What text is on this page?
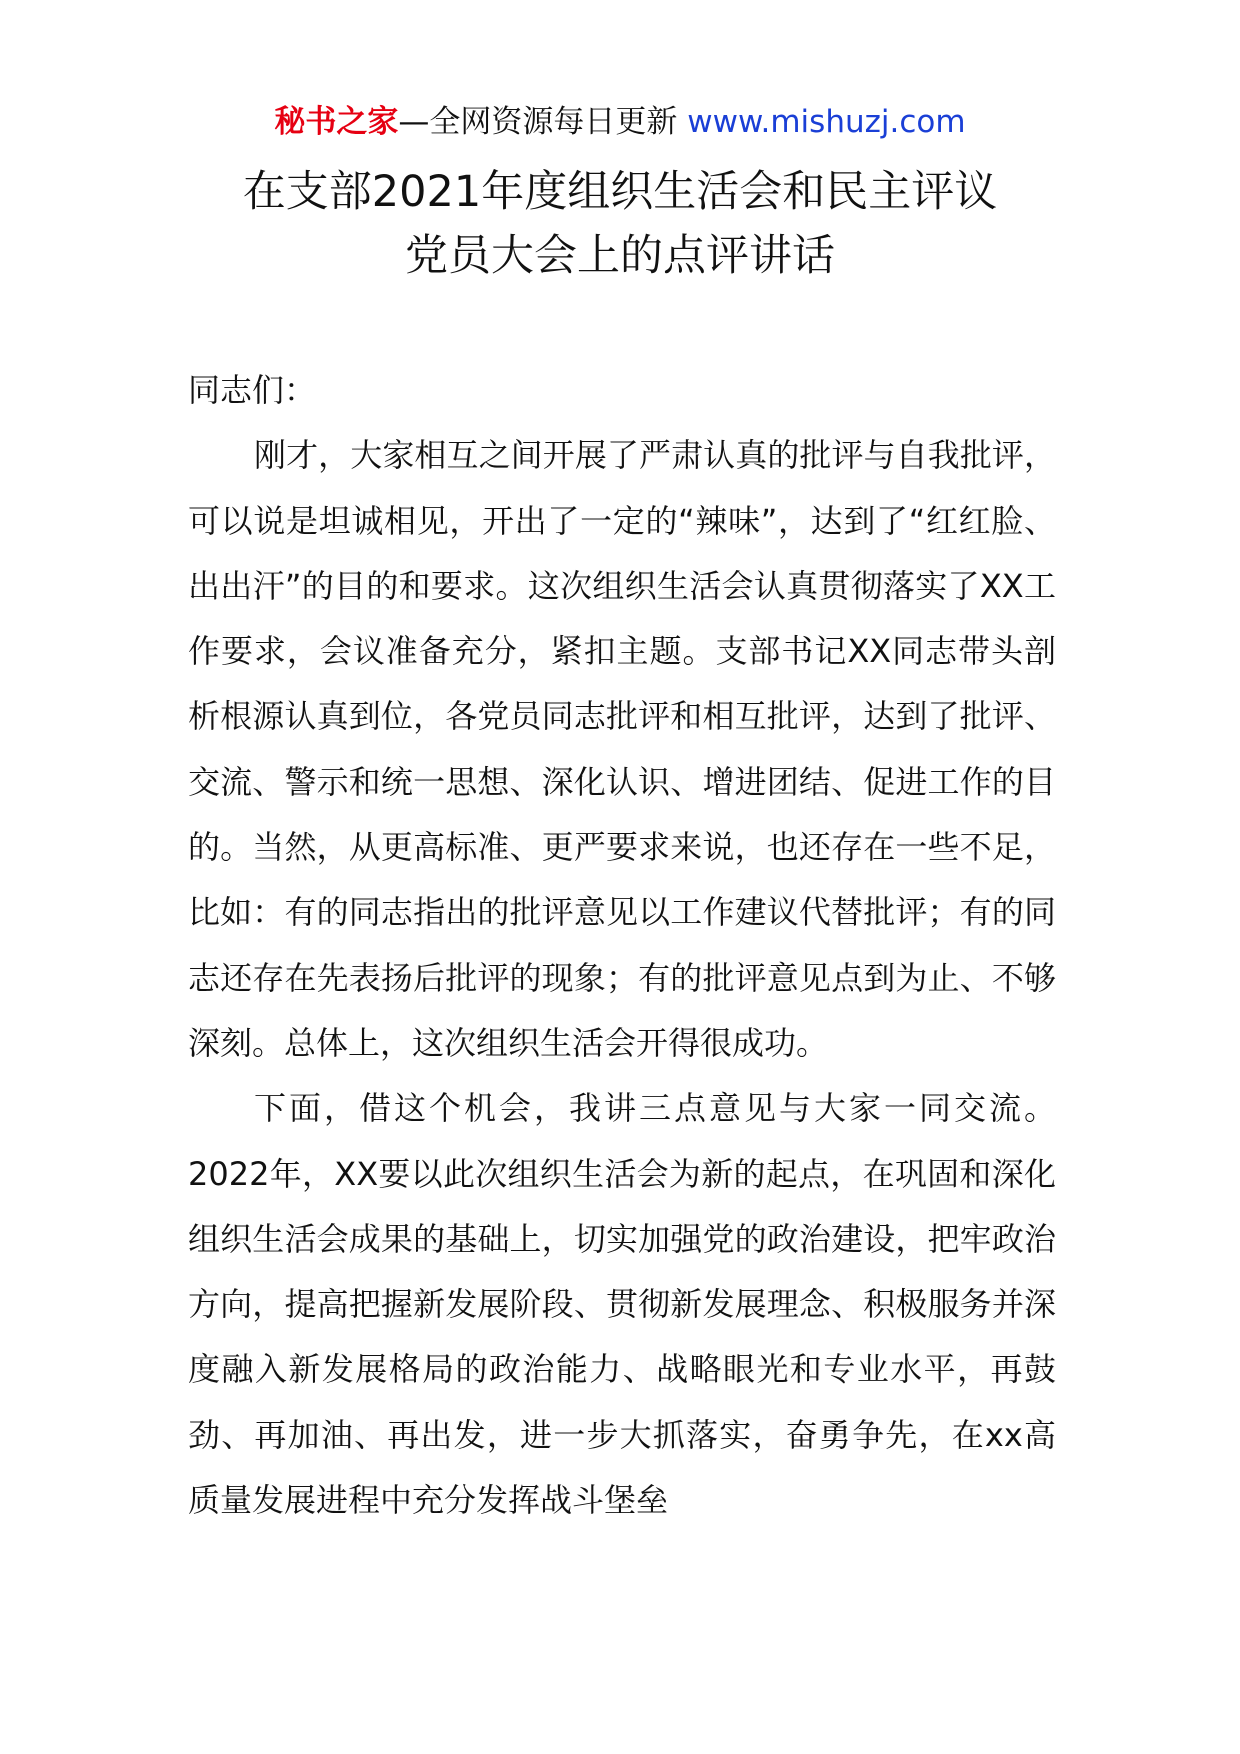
秘书之家—全网资源每日更新 www.mishuzj.com
在支部2021年度组织生活会和民主评议
党员大会上的点评讲话

同志们：

刚才，大家相互之间开展了严肃认真的批评与自我批评，可以说是坦诚相见，开出了一定的“辣味”，达到了“红红脸、出出汗”的目的和要求。这次组织生活会认真贯彻落实了XX工作要求，会议准备充分，紧扣主题。支部书记XX同志带头剖析根源认真到位，各党员同志批评和相互批评，达到了批评、交流、警示和统一思想、深化认识、增进团结、促进工作的目的。当然，从更高标准、更严要求来说，也还存在一些不足，比如：有的同志指出的批评意见以工作建议代替批评；有的同志还存在先表扬后批评的现象；有的批评意见点到为止、不够深刻。总体上，这次组织生活会开得很成功。

下面，借这个机会，我讲三点意见与大家一同交流。2022年，XX要以此次组织生活会为新的起点，在巩固和深化组织生活会成果的基础上，切实加强党的政治建设，把牢政治方向，提高把握新发展阶段、贯彻新发展理念、积极服务并深度融入新发展格局的政治能力、战略眼光和专业水平，再鼓劲、再加油、再出发，进一步大抓落实，奋勇争先，在xx高质量发展进程中充分发挥战斗堡垒
